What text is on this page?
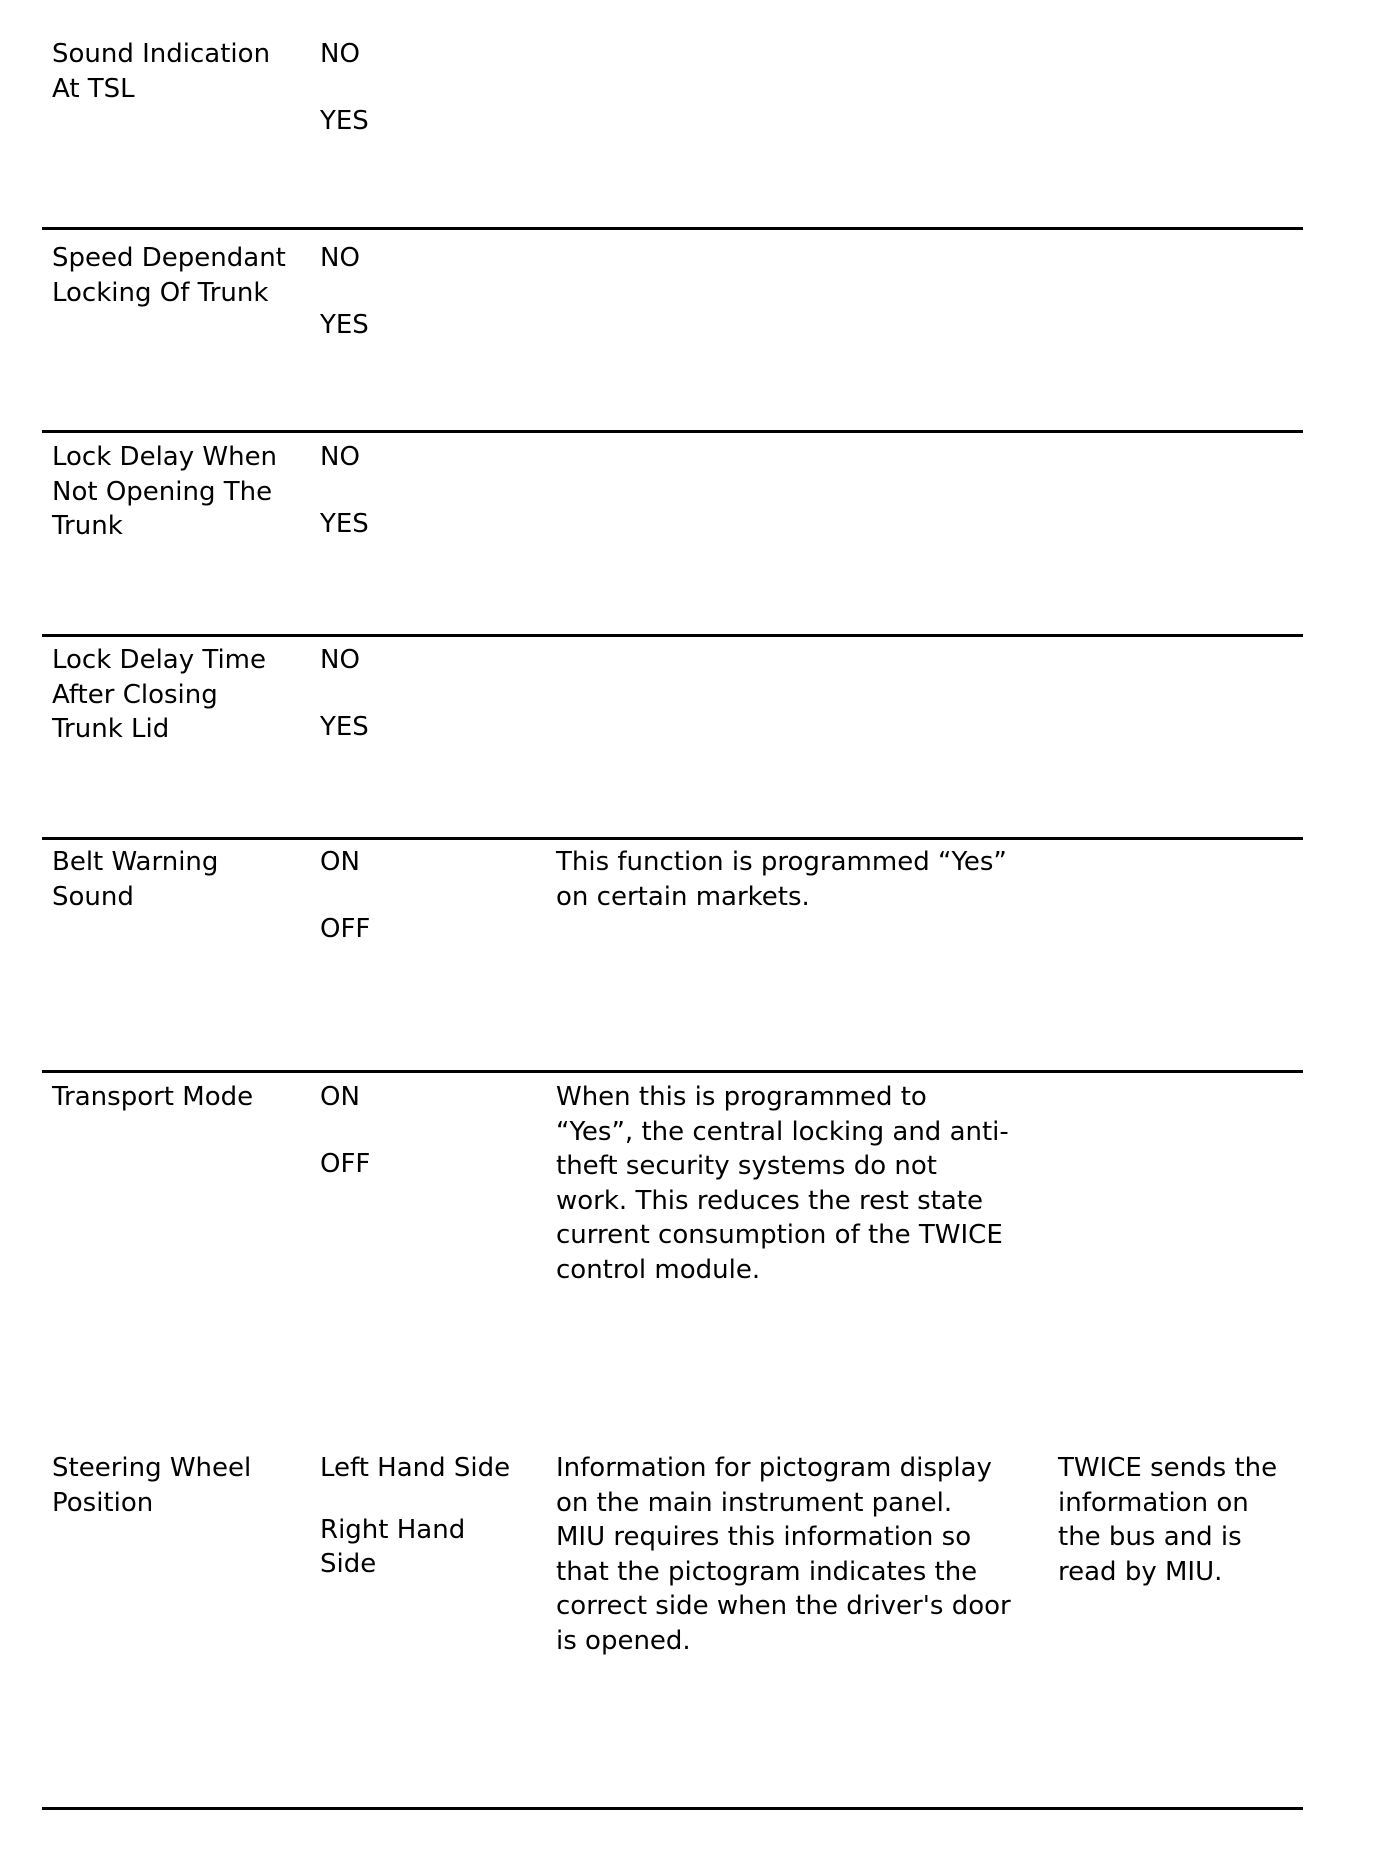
Sound Indication
At TSL
NO
YES
Speed Dependant
Locking Of Trunk
NO
YES
Lock Delay When
Not Opening The
Trunk
NO
YES
Lock Delay Time
After Closing
Trunk Lid
NO
YES
Belt Warning
Sound
ON
OFF
This function is programmed “Yes”
on certain markets.
Transport Mode	ON
OFF
When this is programmed to
“Yes”, the central locking and anti-
theft security systems do not
work. This reduces the rest state
current consumption of the TWICE
control module.
Steering Wheel
Position
Left Hand Side
Right Hand
Side
Information for pictogram display
on the main instrument panel.
MIU requires this information so
that the pictogram indicates the
correct side when the driver's door
is opened.
TWICE sends the
information on
the bus and is
read by MIU.
